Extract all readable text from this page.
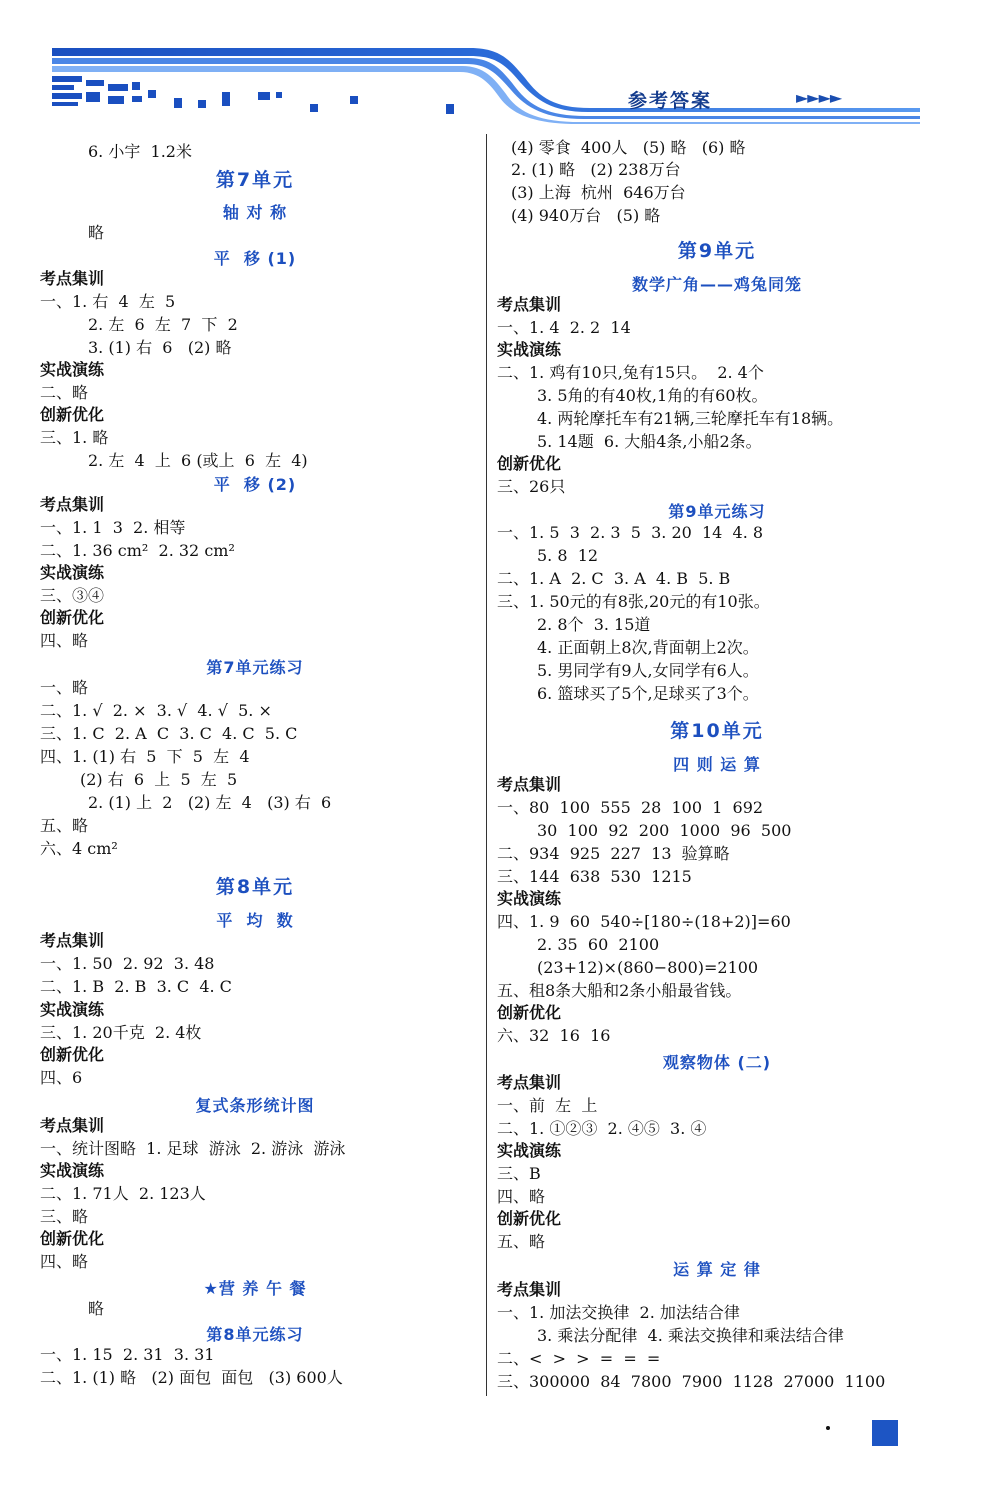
参考答案	►►►►
6. 小宇  1.2米
第7单元
轴 对 称
略
平  移 (1)
考点集训
一、1. 右  4  左  5
2. 左  6  左  7  下  2
3. (1) 右  6   (2) 略
实战演练
二、略
创新优化
三、1. 略
2. 左  4  上  6 (或上  6  左  4)
平  移 (2)
考点集训
一、1. 1  3  2. 相等
二、1. 36 cm²  2. 32 cm²
实战演练
三、③④
创新优化
四、略
第7单元练习
一、略
二、1. √  2. ×  3. √  4. √  5. ×
三、1. C  2. A  C  3. C  4. C  5. C
四、1. (1) 右  5  下  5  左  4
(2) 右  6  上  5  左  5
2. (1) 上  2   (2) 左  4   (3) 右  6
五、略
六、4 cm²
第8单元
平  均  数
考点集训
一、1. 50  2. 92  3. 48
二、1. B  2. B  3. C  4. C
实战演练
三、1. 20千克  2. 4枚
创新优化
四、6
复式条形统计图
考点集训
一、统计图略  1. 足球  游泳  2. 游泳  游泳
实战演练
二、1. 71人  2. 123人
三、略
创新优化
四、略
★营 养 午 餐
略
第8单元练习
一、1. 15  2. 31  3. 31
二、1. (1) 略   (2) 面包  面包   (3) 600人
(4) 零食  400人   (5) 略   (6) 略
2. (1) 略   (2) 238万台
(3) 上海  杭州  646万台
(4) 940万台   (5) 略
第9单元
数学广角——鸡兔同笼
考点集训
一、1. 4  2. 2  14
实战演练
二、1. 鸡有10只,兔有15只。  2. 4个
3. 5角的有40枚,1角的有60枚。
4. 两轮摩托车有21辆,三轮摩托车有18辆。
5. 14题  6. 大船4条,小船2条。
创新优化
三、26只
第9单元练习
一、1. 5  3  2. 3  5  3. 20  14  4. 8
5. 8  12
二、1. A  2. C  3. A  4. B  5. B
三、1. 50元的有8张,20元的有10张。
2. 8个  3. 15道
4. 正面朝上8次,背面朝上2次。
5. 男同学有9人,女同学有6人。
6. 篮球买了5个,足球买了3个。
第10单元
四 则 运 算
考点集训
一、80  100  555  28  100  1  692
30  100  92  200  1000  96  500
二、934  925  227  13  验算略
三、144  638  530  1215
实战演练
四、1. 9  60  540÷[180÷(18+2)]=60
2. 35  60  2100
(23+12)×(860−800)=2100
五、租8条大船和2条小船最省钱。
创新优化
六、32  16  16
观察物体 (二)
考点集训
一、前  左  上
二、1. ①②③  2. ④⑤  3. ④
实战演练
三、B
四、略
创新优化
五、略
运 算 定 律
考点集训
一、1. 加法交换律  2. 加法结合律
3. 乘法分配律  4. 乘法交换律和乘法结合律
二、<  >  >  =  =  =
三、300000  84  7800  7900  1128  27000  1100
